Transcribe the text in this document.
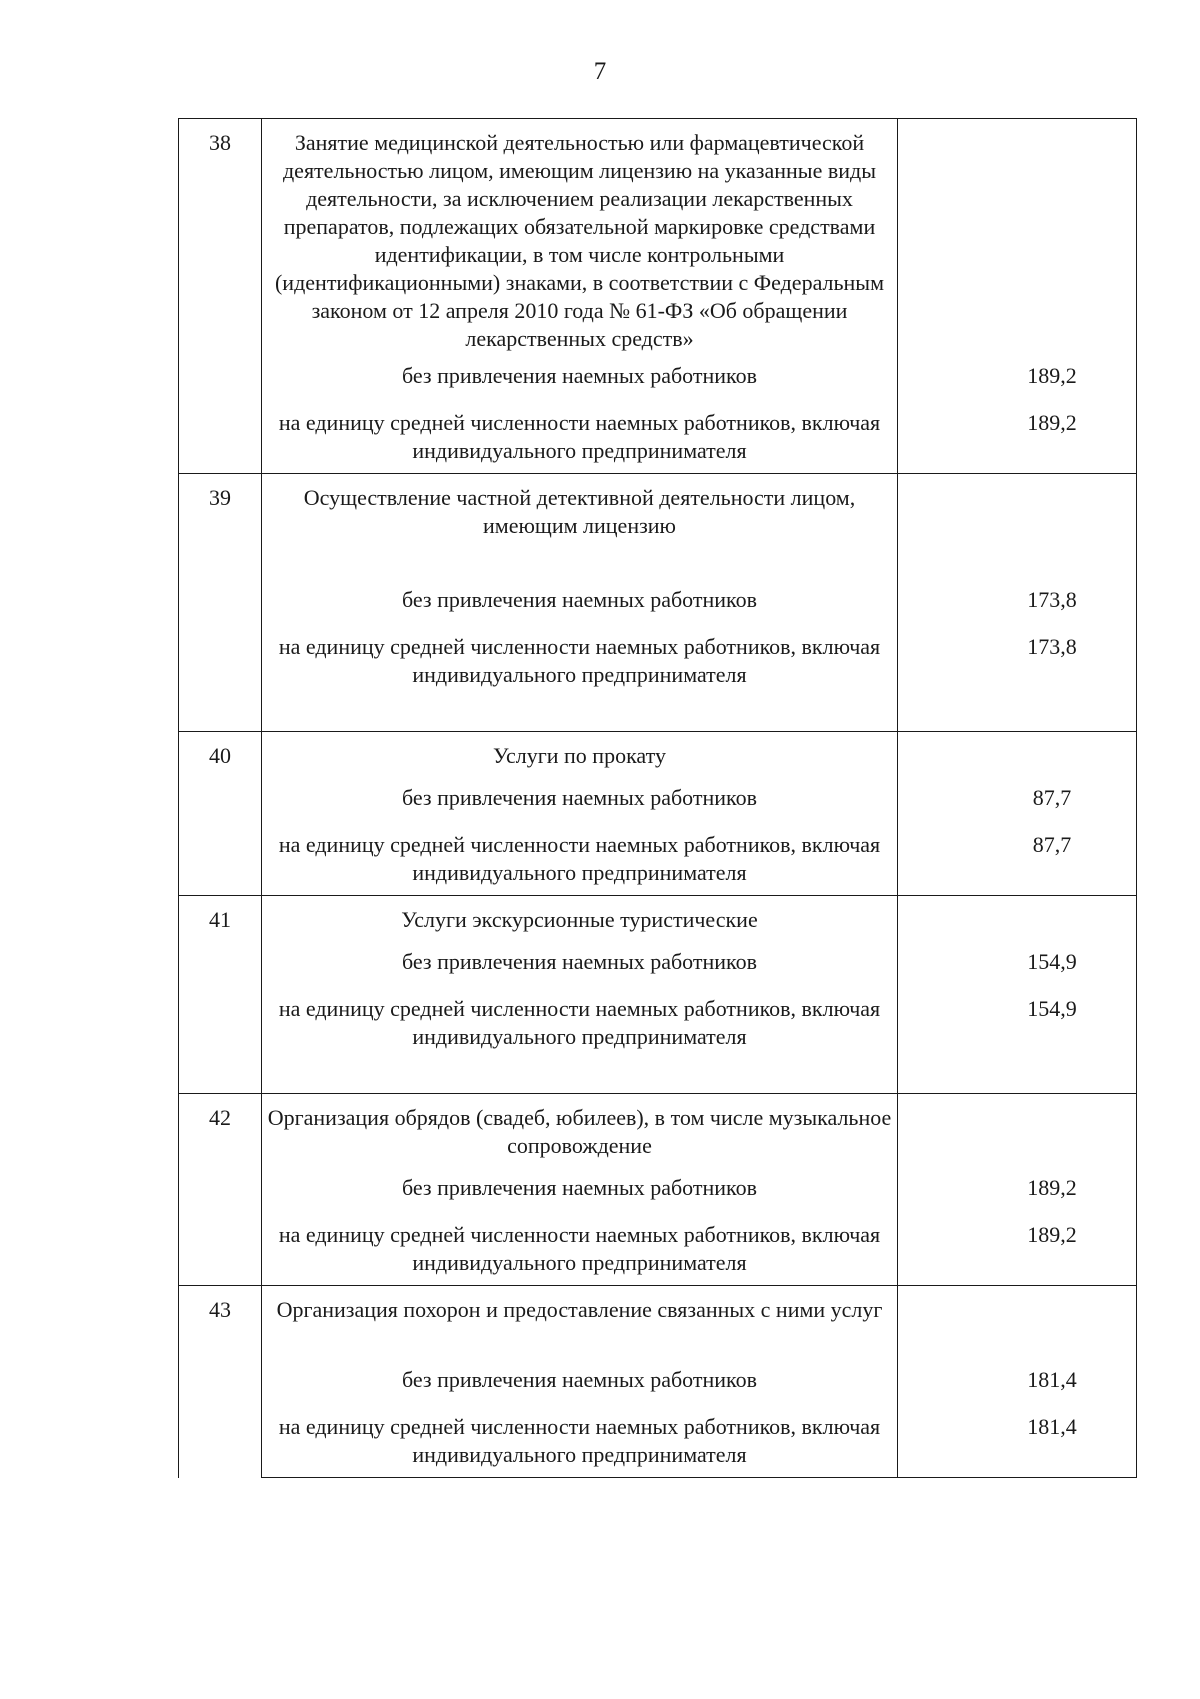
7
38	Занятие медицинской деятельностью или фармацевтической деятельностью лицом, имеющим лицензию на указанные виды деятельности, за исключением реализации лекарственных препаратов, подлежащих обязательной маркировке средствами идентификации, в том числе контрольными (идентификационными) знаками, в соответствии с Федеральным законом от 12 апреля 2010 года № 61-ФЗ «Об обращении лекарственных средств»	

	без привлечения наемных работников	189,2

	на единицу средней численности наемных работников, включая индивидуального предпринимателя	189,2

39	Осуществление частной детективной деятельности лицом, имеющим лицензию	

	без привлечения наемных работников	173,8

	на единицу средней численности наемных работников, включая индивидуального предпринимателя	173,8

40	Услуги по прокату	

	без привлечения наемных работников	87,7

	на единицу средней численности наемных работников, включая индивидуального предпринимателя	87,7

41	Услуги экскурсионные туристические	

	без привлечения наемных работников	154,9

	на единицу средней численности наемных работников, включая индивидуального предпринимателя	154,9

42	Организация обрядов (свадеб, юбилеев), в том числе музыкальное сопровождение	

	без привлечения наемных работников	189,2

	на единицу средней численности наемных работников, включая индивидуального предпринимателя	189,2

43	Организация похорон и предоставление связанных с ними услуг	

	без привлечения наемных работников	181,4

	на единицу средней численности наемных работников, включая индивидуального предпринимателя	181,4
